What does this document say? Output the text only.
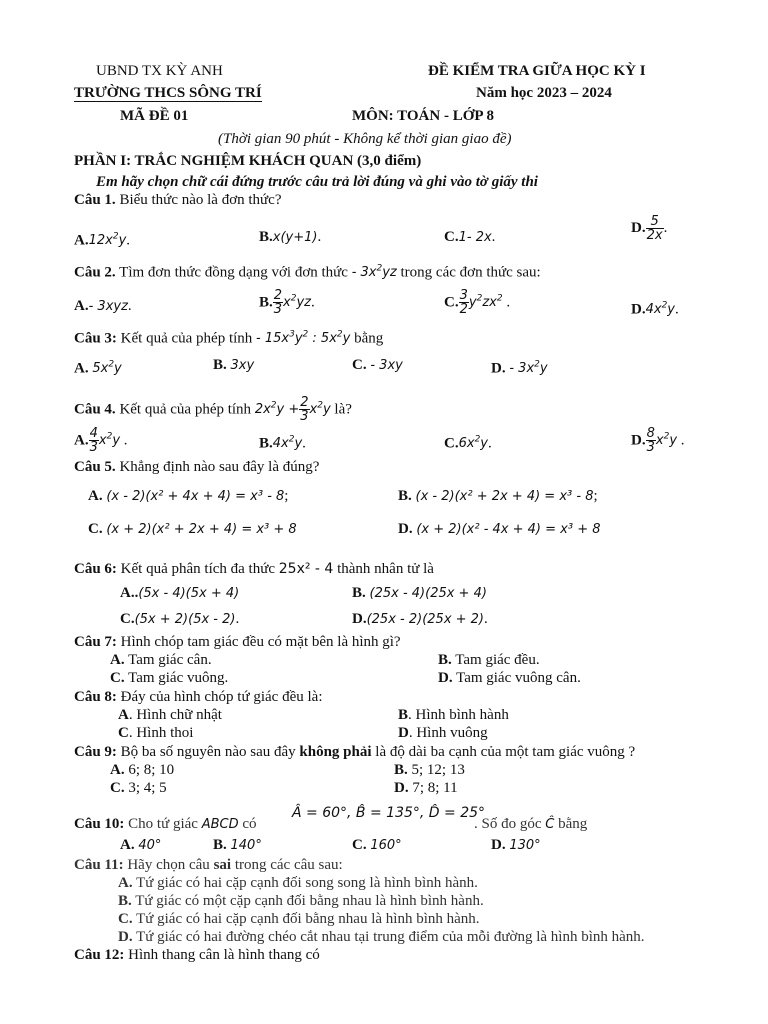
UBND TX KỲ ANH	ĐỀ KIỂM TRA GIỮA HỌC KỲ I
TRƯỜNG THCS SÔNG TRÍ	Năm học 2023 – 2024
MÃ ĐỀ 01	MÔN: TOÁN - LỚP 8
(Thời gian 90 phút - Không kể thời gian giao đề)
PHẦN I: TRẮC NGHIỆM KHÁCH QUAN (3,0 điểm)
Em hãy chọn chữ cái đứng trước câu trả lời đúng và ghi vào tờ giấy thi
Câu 1. Biểu thức nào là đơn thức?
$A.12x^2y$.	B.x(y+1).	C.1- 2x.
D. $\frac{5}{2x}$ .
Câu 2. Tìm đơn thức đồng dạng với đơn thức - $3x^2yz$ trong các đơn thức sau:
A.- 3xyz.	B. $\frac{2}{3} x^2yz$.	C. $\frac{3}{2} y^2zx^2$ .	$D.4x^2y$.
Câu 3: Kết quả của phép tính - $15x^3y^2$ : $5x^2y$ bằng
A. $5x^2y$	B. 3xy	C. - 3xy	D. - $3x^2y$
Câu 4. Kết quả của phép tính $2x^2y + \frac{2}{3} x^2y$ là?
A. $\frac{4}{3} x^2y$ .	$B.4x^2y$.	$C.6x^2y$.	D. $\frac{8}{3} x^2y$ .
Câu 5. Khẳng định nào sau đây là đúng?
A. (x - 2)(x² + 4x + 4) = x³ - 8;	B. (x - 2)(x² + 2x + 4) = x³ - 8;
C. (x + 2)(x² + 2x + 4) = x³ + 8	D. (x + 2)(x² - 4x + 4) = x³ + 8
Câu 6: Kết quả phân tích đa thức 25x² - 4 thành nhân tử là
A..(5x - 4)(5x + 4)	B. (25x - 4)(25x + 4)
C.(5x + 2)(5x - 2).	D.(25x - 2)(25x + 2).
Câu 7: Hình chóp tam giác đều có mặt bên là hình gì?
A. Tam giác cân.	B. Tam giác đều.
C. Tam giác vuông.	D. Tam giác vuông cân.
Câu 8: Đáy của hình chóp tứ giác đều là:
A. Hình chữ nhật	B. Hình bình hành
C. Hình thoi	D. Hình vuông
Câu 9: Bộ ba số nguyên nào sau đây không phải là độ dài ba cạnh của một tam giác vuông ?
A. 6; 8; 10	B. 5; 12; 13
C. 3; 4; 5	D. 7; 8; 11
Câu 10: Cho tứ giác ABCD có
Â = 60°, B̂ = 135°, D̂ = 25°
. Số đo góc Ĉ bằng
A. 40°	B. 140°	C. 160°	D. 130°
Câu 11: Hãy chọn câu sai trong các câu sau:
A. Tứ giác có hai cặp cạnh đối song song là hình bình hành.
B. Tứ giác có một cặp cạnh đối bằng nhau là hình bình hành.
C. Tứ giác có hai cặp cạnh đối bằng nhau là hình bình hành.
D. Tứ giác có hai đường chéo cắt nhau tại trung điểm của mỗi đường là hình bình hành.
Câu 12: Hình thang cân là hình thang có
